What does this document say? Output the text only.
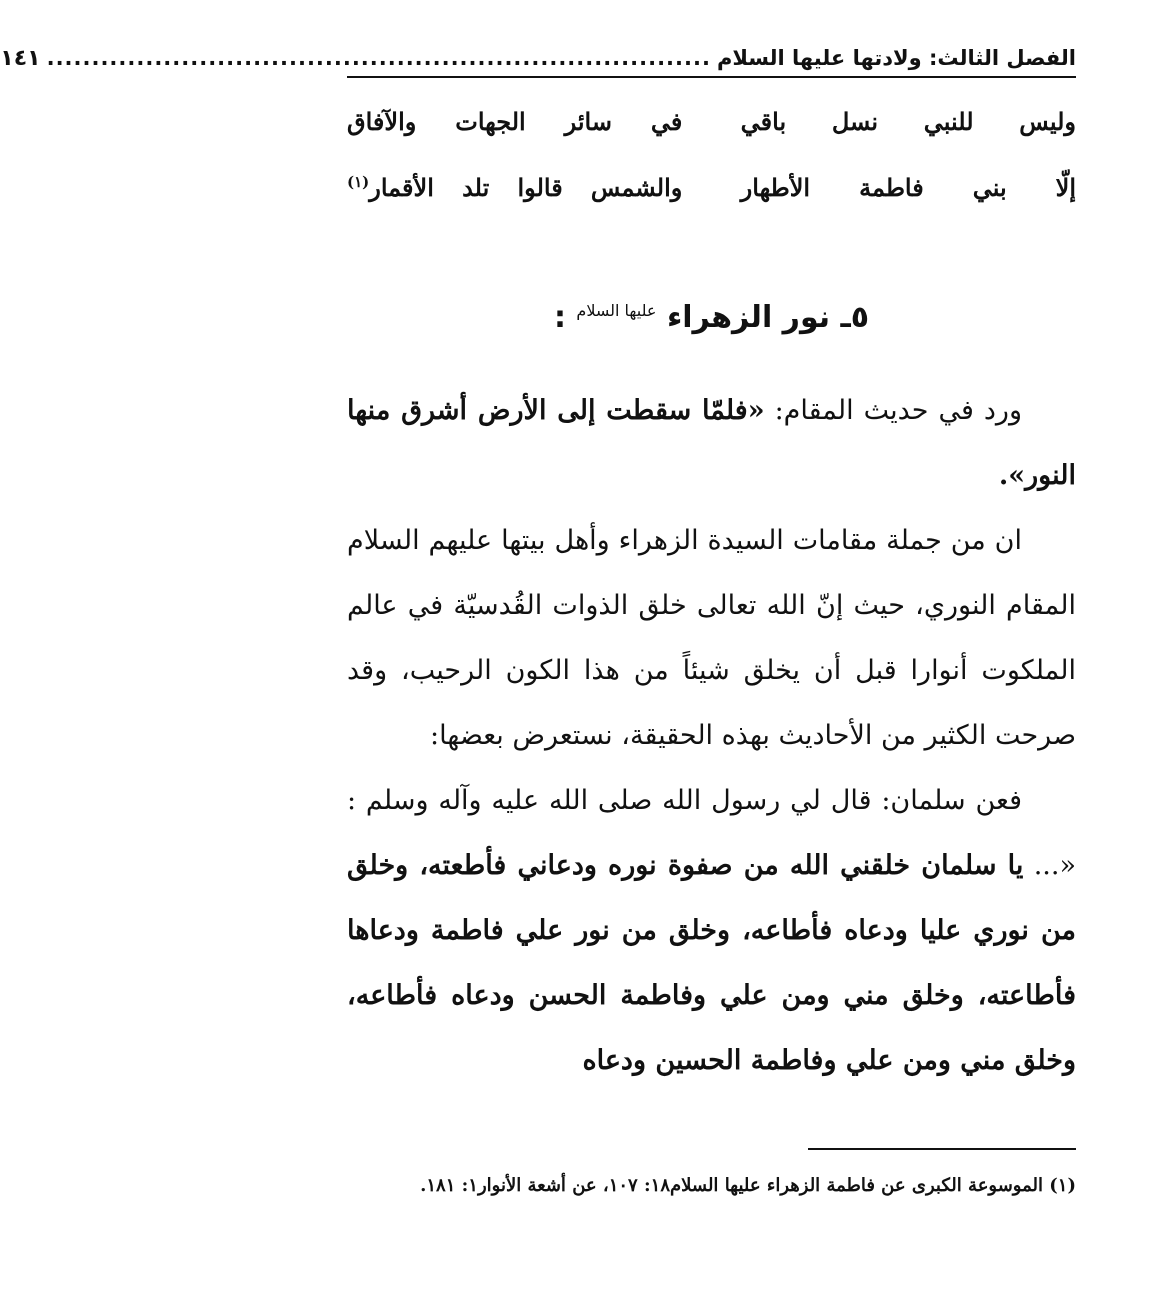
الفصل الثالث: ولادتها عليها السلام
..........................................................................
١٤١
وليس للنبي نسل باقي
في سائر الجهات والآفاق
إلّا بني فاطمة الأطهار
والشمس قالوا تلد الأقمار$^{(١)}$
٥ـ نور الزهراء $^{عليها السلام}$ :

ورد في حديث المقام: «فلمّا سقطت إلى الأرض أشرق منها النور».

ان من جملة مقامات السيدة الزهراء وأهل بيتها عليهم السلام المقام النوري، حيث إنّ الله تعالى خلق الذوات القُدسيّة في عالم الملكوت أنوارا قبل أن يخلق شيئاً من هذا الكون الرحيب، وقد صرحت الكثير من الأحاديث بهذه الحقيقة، نستعرض بعضها:

فعن سلمان: قال لي رسول الله صلى الله عليه وآله وسلم : «... يا سلمان خلقني الله من صفوة نوره ودعاني فأطعته، وخلق من نوري عليا ودعاه فأطاعه، وخلق من نور علي فاطمة ودعاها فأطاعته، وخلق مني ومن علي وفاطمة الحسن ودعاه فأطاعه، وخلق مني ومن علي وفاطمة الحسين ودعاه

(١) الموسوعة الكبرى عن فاطمة الزهراء عليها السلام١٨: ١٠٧، عن أشعة الأنوار١: ١٨١.
